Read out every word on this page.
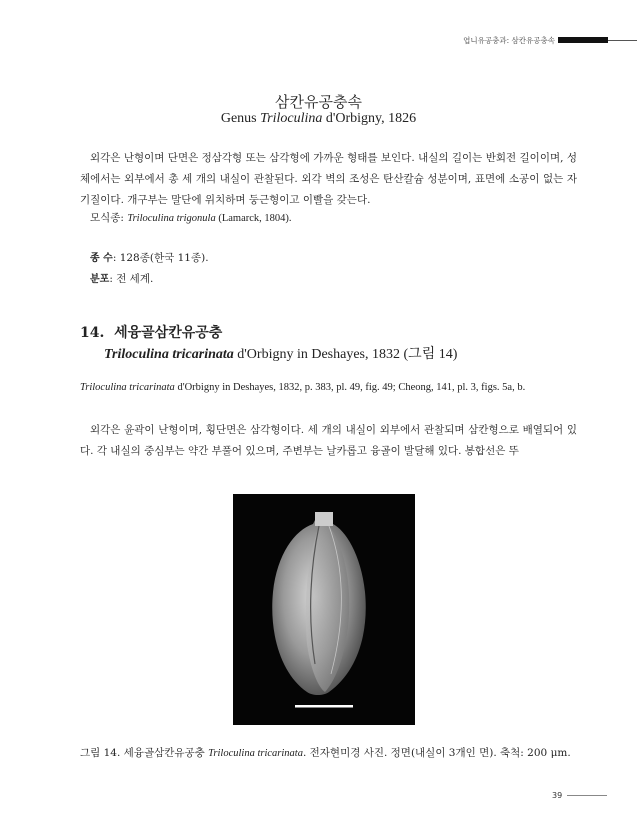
엽니유공충과: 삼칸유공충속
삼칸유공충속
Genus Triloculina d'Orbigny, 1826

외각은 난형이며 단면은 정삼각형 또는 삼각형에 가까운 형태를 보인다. 내실의 길이는 반회전 길이이며, 성체에서는 외부에서 총 세 개의 내실이 관찰된다. 외각 벽의 조성은 탄산칼슘 성분이며, 표면에 소공이 없는 자기질이다. 개구부는 말단에 위치하며 둥근형이고 이빨을 갖는다.

모식종: Triloculina trigonula (Lamarck, 1804).
종 수: 128종(한국 11종).
분포: 전 세계.
14. 세융골삼칸유공충
Triloculina tricarinata d'Orbigny in Deshayes, 1832 (그림 14)
Triloculina tricarinata d'Orbigny in Deshayes, 1832, p. 383, pl. 49, fig. 49; Cheong, 141, pl. 3, figs. 5a, b.

외각은 윤곽이 난형이며, 횡단면은 삼각형이다. 세 개의 내실이 외부에서 관찰되며 삼칸형으로 배열되어 있다. 각 내실의 중심부는 약간 부풀어 있으며, 주변부는 날카롭고 융골이 발달해 있다. 봉합선은 뚜

그림 14. 세융골삼칸유공충 Triloculina tricarinata. 전자현미경 사진. 정면(내실이 3개인 면). 축척: 200 μm.
39
